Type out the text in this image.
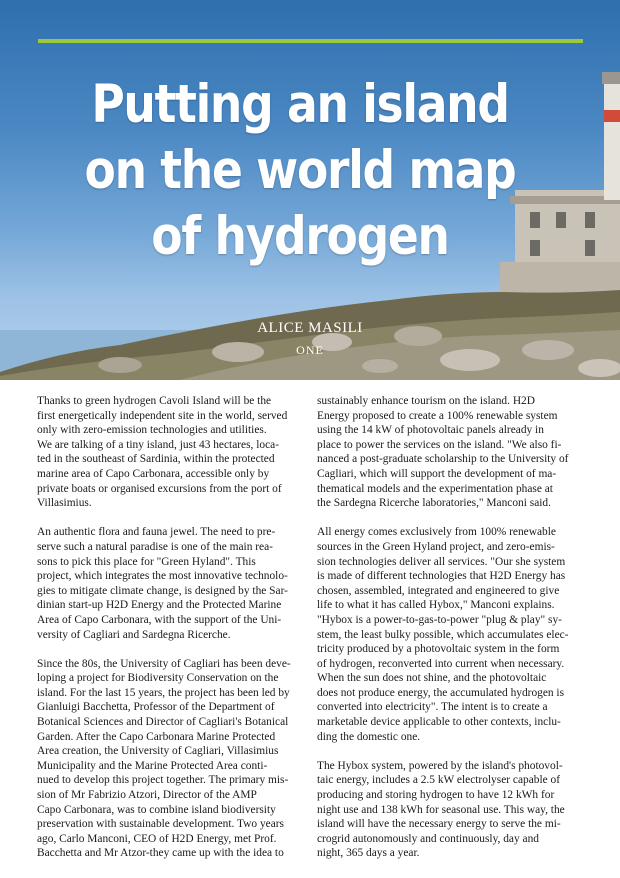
Putting an island
on the world map
of hydrogen
ALICE MASILI
ONE

Thanks to green hydrogen Cavoli Island will be the
first energetically independent site in the world, served
only with zero-emission technologies and utilities.
We are talking of a tiny island, just 43 hectares, loca-
ted in the southeast of Sardinia, within the protected
marine area of Capo Carbonara, accessible only by
private boats or organised excursions from the port of
Villasimius.

An authentic flora and fauna jewel. The need to pre-
serve such a natural paradise is one of the main rea-
sons to pick this place for "Green Hyland". This
project, which integrates the most innovative technolo-
gies to mitigate climate change, is designed by the Sar-
dinian start-up H2D Energy and the Protected Marine
Area of Capo Carbonara, with the support of the Uni-
versity of Cagliari and Sardegna Ricerche.

Since the 80s, the University of Cagliari has been deve-
loping a project for Biodiversity Conservation on the
island. For the last 15 years, the project has been led by
Gianluigi Bacchetta, Professor of the Department of
Botanical Sciences and Director of Cagliari's Botanical
Garden. After the Capo Carbonara Marine Protected
Area creation, the University of Cagliari, Villasimius
Municipality and the Marine Protected Area conti-
nued to develop this project together. The primary mis-
sion of Mr Fabrizio Atzori, Director of the AMP
Capo Carbonara, was to combine island biodiversity
preservation with sustainable development. Two years
ago, Carlo Manconi, CEO of H2D Energy, met Prof.
Bacchetta and Mr Atzor-they came up with the idea to

sustainably enhance tourism on the island. H2D
Energy proposed to create a 100% renewable system
using the 14 kW of photovoltaic panels already in
place to power the services on the island. "We also fi-
nanced a post-graduate scholarship to the University of
Cagliari, which will support the development of ma-
thematical models and the experimentation phase at
the Sardegna Ricerche laboratories," Manconi said.

All energy comes exclusively from 100% renewable
sources in the Green Hyland project, and zero-emis-
sion technologies deliver all services. "Our she system
is made of different technologies that H2D Energy has
chosen, assembled, integrated and engineered to give
life to what it has called Hybox," Manconi explains.
"Hybox is a power-to-gas-to-power "plug & play" sy-
stem, the least bulky possible, which accumulates elec-
tricity produced by a photovoltaic system in the form
of hydrogen, reconverted into current when necessary.
When the sun does not shine, and the photovoltaic
does not produce energy, the accumulated hydrogen is
converted into electricity". The intent is to create a
marketable device applicable to other contexts, inclu-
ding the domestic one.

The Hybox system, powered by the island's photovol-
taic energy, includes a 2.5 kW electrolyser capable of
producing and storing hydrogen to have 12 kWh for
night use and 138 kWh for seasonal use. This way, the
island will have the necessary energy to serve the mi-
crogrid autonomously and continuously, day and
night, 365 days a year.
